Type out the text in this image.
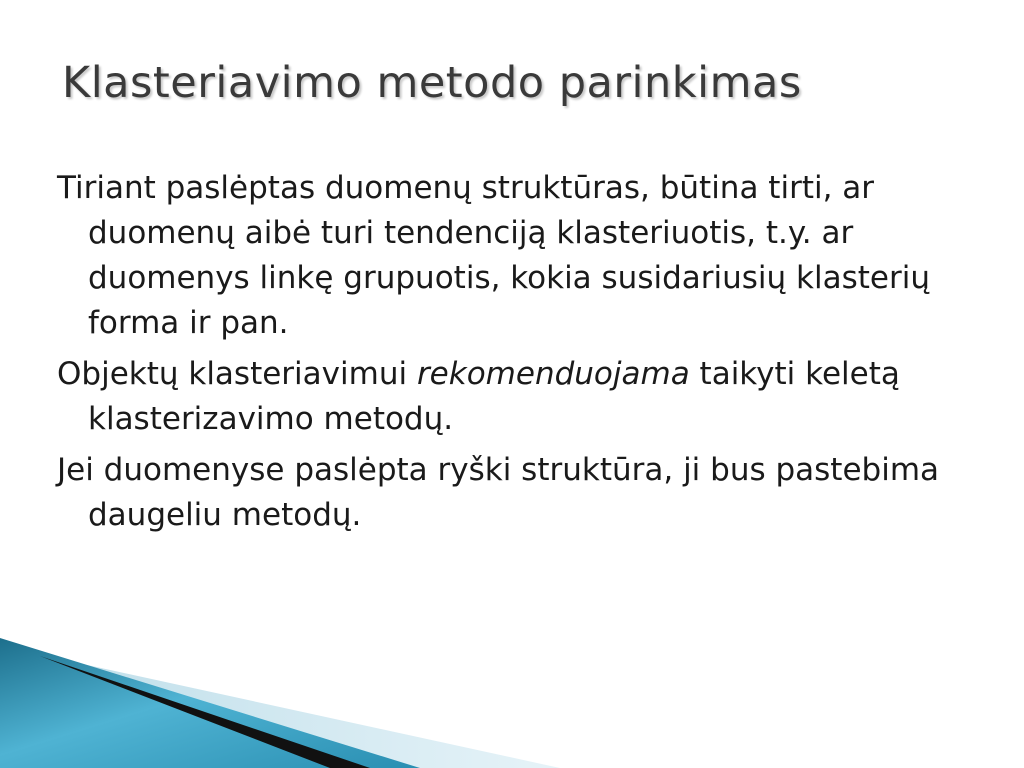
Klasteriavimo metodo parinkimas

Tiriant paslėptas duomenų struktūras, būtina tirti, ar duomenų aibė turi tendenciją klasteriuotis, t.y. ar duomenys linkę grupuotis, kokia susidariusių klasterių forma ir pan.

Objektų klasteriavimui rekomenduojama taikyti keletą klasterizavimo metodų.

Jei duomenyse paslėpta ryški struktūra, ji bus pastebima daugeliu metodų.
